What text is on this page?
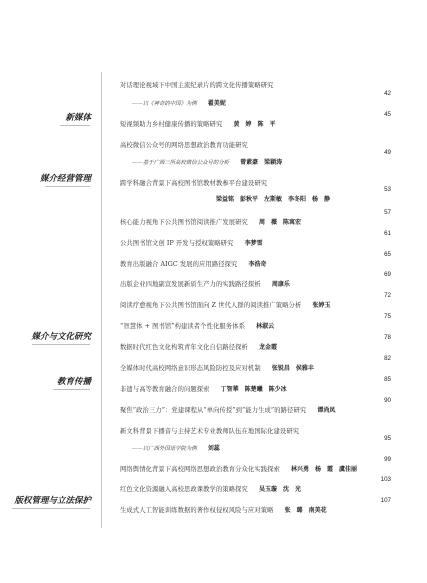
新媒体
媒介经营管理
媒介与文化研究
教育传播
版权管理与立法保护
对话理论视域下中国主流纪录片的跨文化传播策略研究
——以《神奇的中国》为例 翟美妮
42
短视频助力乡村健康传播的策略研究 黄　婷　陈　平
45
高校微信公众号的网络思想政治教育功能研究
——基于广西三所高校微信公众号的分析 曾素豪　梁颖涛
49
跨学科融合背景下高校图书馆教材教参平台建设研究
梁益铭　彭秋平　左斯敏　李冬阳　杨　静
53
核心能力视角下公共图书馆阅读推广发展研究 周　薇　陈寓宏
57
公共图书馆文创 IP 开发与授权策略研究 李梦雪
61
教育出版融合 AIGC 发展的应用路径探究 李浩奇
65
出版企业四地副宣发展新质生产力的实践路径探析 周康乐
69
阅读疗愈视角下公共图书馆面向 Z 世代人群的阅读推广策略分析 张婷玉
72
“智慧体 + 图书馆”构建读者个性化服务体系 林淑云
75
数据时代红色文化构筑青年文化自信路径探析 龙金霞
78
全媒体时代高校网络意识形态风险防控及应对机制 张锐昌　侯雅丰
82
非遗与高等教育融合的问题探索 丁智華　陈楚曦　陈少冰
85
聚焦“政治三力”：党建课程从“单向传授”到“能力生成”的路径研究 谭尚凤
90
新文科背景下播音与主持艺术专业教师队伍在地国际化建设研究
——以广西外国语学院为例 刘蕊
95
网络舆情化背景下高校网络思想政治教育分众化实践探索 林兴勇　杨　霞　虞佳丽
99
红色文化资源融入高校思政课教学的策略探究 吴玉璇　沈　光
103
生成式人工智能训练数据的著作权侵权风险与应对策略 张　璐　南美花
107
